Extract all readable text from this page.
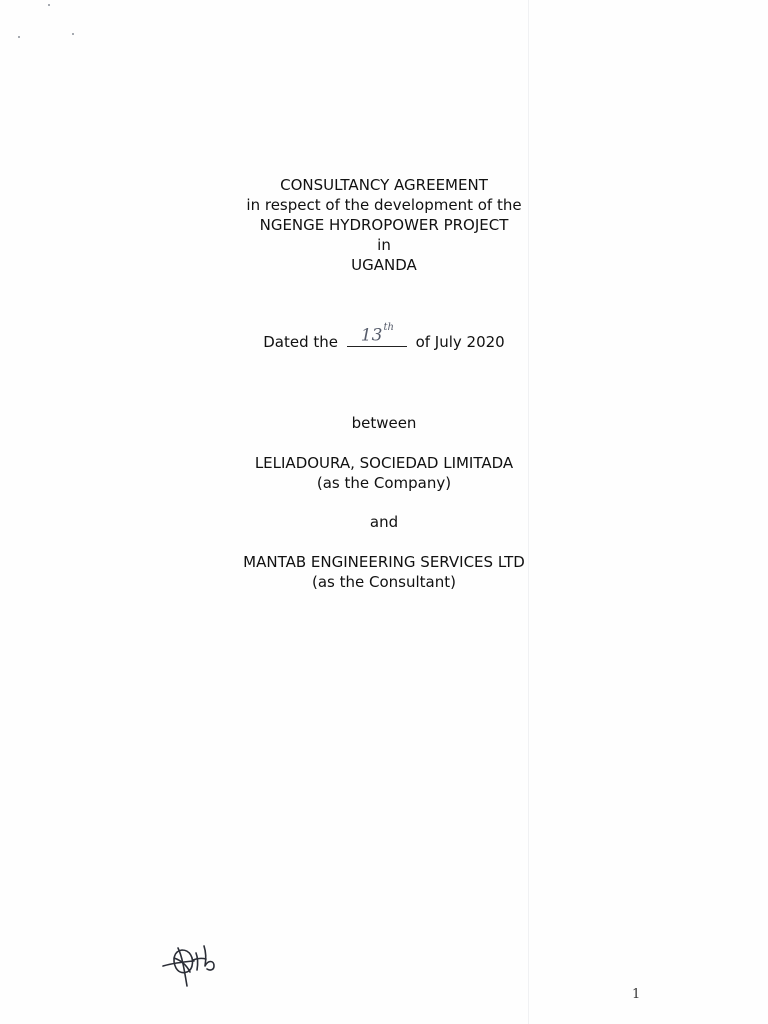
CONSULTANCY AGREEMENT
in respect of the development of the
NGENGE HYDROPOWER PROJECT
in
UGANDA
Dated the 13th
of July 2020
between
LELIADOURA, SOCIEDAD LIMITADA
(as the Company)
and
MANTAB ENGINEERING SERVICES LTD
(as the Consultant)
1
